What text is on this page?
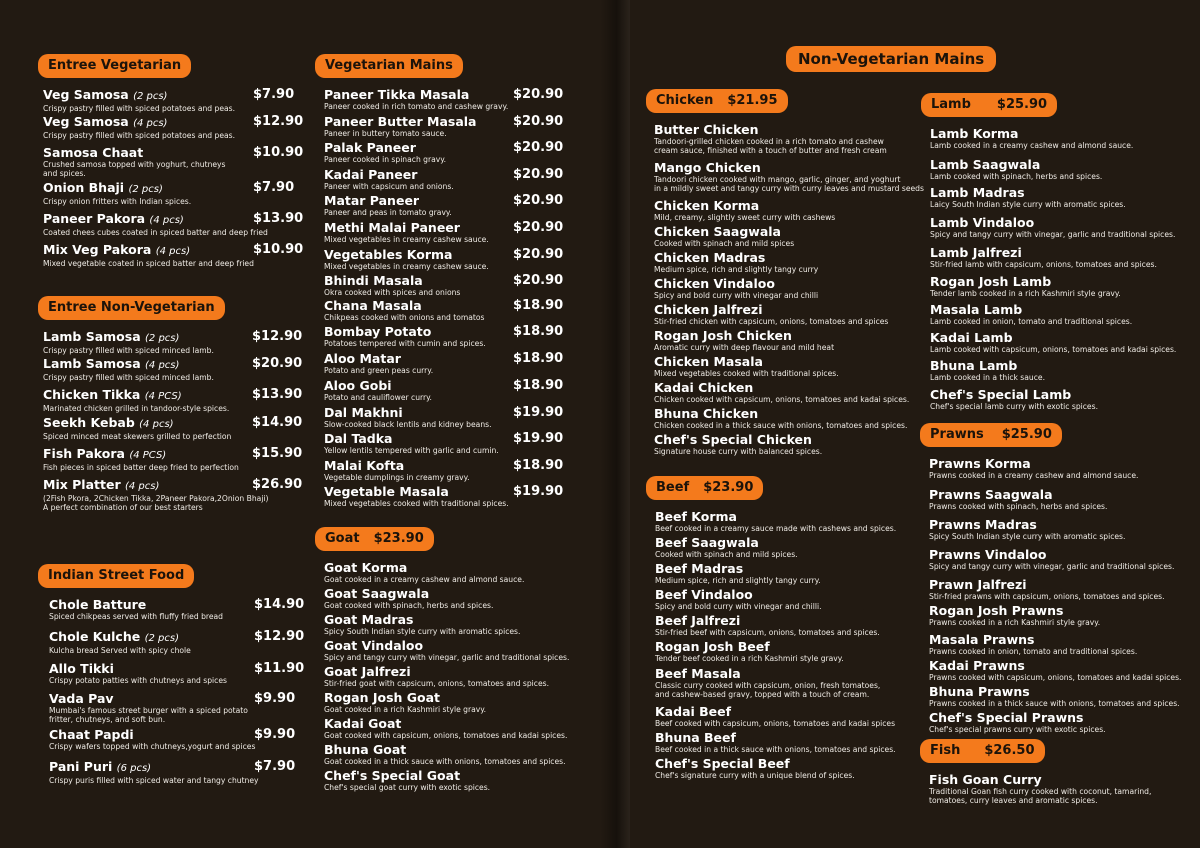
Entree Vegetarian
Veg Samosa (2 pcs)
Crispy pastry filled with spiced potatoes and peas.
$7.90
Veg Samosa (4 pcs)
Crispy pastry filled with spiced potatoes and peas.
$12.90
Samosa Chaat
Crushed samosa topped with yoghurt, chutneys
and spices.
$10.90
Onion Bhaji (2 pcs)
Crispy onion fritters with Indian spices.
$7.90
Paneer Pakora (4 pcs)
Coated chees cubes coated in spiced batter and deep fried
$13.90
Mix Veg Pakora (4 pcs)
Mixed vegetable coated in spiced batter and deep fried
$10.90
Entree Non-Vegetarian
Lamb Samosa (2 pcs)
Crispy pastry filled with spiced minced lamb.
$12.90
Lamb Samosa (4 pcs)
Crispy pastry filled with spiced minced lamb.
$20.90
Chicken Tikka (4 PCS)
Marinated chicken grilled in tandoor-style spices.
$13.90
Seekh Kebab (4 pcs)
Spiced minced meat skewers grilled to perfection
$14.90
Fish Pakora (4 PCS)
Fish pieces in spiced batter deep fried to perfection
$15.90
Mix Platter (4 pcs)
(2Fish Pkora, 2Chicken Tikka, 2Paneer Pakora,2Onion Bhaji)
A perfect combination of our best starters
$26.90
Indian Street Food
Chole Batture
Spiced chikpeas served with fluffy fried bread
$14.90
Chole Kulche (2 pcs)
Kulcha bread Served with spicy chole
$12.90
Allo Tikki
Crispy potato patties with chutneys and spices
$11.90
Vada Pav
Mumbai's famous street burger with a spiced potato
fritter, chutneys, and soft bun.
$9.90
Chaat Papdi
Crispy wafers topped with chutneys,yogurt and spices
$9.90
Pani Puri (6 pcs)
Crispy puris filled with spiced water and tangy chutney
$7.90
Vegetarian Mains
Paneer Tikka Masala
Paneer cooked in rich tomato and cashew gravy.
$20.90
Paneer Butter Masala
Paneer in buttery tomato sauce.
$20.90
Palak Paneer
Paneer cooked in spinach gravy.
$20.90
Kadai Paneer
Paneer with capsicum and onions.
$20.90
Matar Paneer
Paneer and peas in tomato gravy.
$20.90
Methi Malai Paneer
Mixed vegetables in creamy cashew sauce.
$20.90
Vegetables Korma
Mixed vegetables in creamy cashew sauce.
$20.90
Bhindi Masala
Okra cooked with spices and onions
$20.90
Chana Masala
Chikpeas cooked with onions and tomatos
$18.90
Bombay Potato
Potatoes tempered with cumin and spices.
$18.90
Aloo Matar
Potato and green peas curry.
$18.90
Aloo Gobi
Potato and cauliflower curry.
$18.90
Dal Makhni
Slow-cooked black lentils and kidney beans.
$19.90
Dal Tadka
Yellow lentils tempered with garlic and cumin.
$19.90
Malai Kofta
Vegetable dumplings in creamy gravy.
$18.90
Vegetable Masala
Mixed vegetables cooked with traditional spices.
$19.90
Goat $23.90
Goat Korma
Goat cooked in a creamy cashew and almond sauce.
Goat Saagwala
Goat cooked with spinach, herbs and spices.
Goat Madras
Spicy South Indian style curry with aromatic spices.
Goat Vindaloo
Spicy and tangy curry with vinegar, garlic and traditional spices.
Goat Jalfrezi
Stir-fried goat with capsicum, onions, tomatoes and spices.
Rogan Josh Goat
Goat cooked in a rich Kashmiri style gravy.
Kadai Goat
Goat cooked with capsicum, onions, tomatoes and kadai spices.
Bhuna Goat
Goat cooked in a thick sauce with onions, tomatoes and spices.
Chef's Special Goat
Chef's special goat curry with exotic spices.
Non-Vegetarian Mains
Chicken $21.95
Butter Chicken
Tandoori-grilled chicken cooked in a rich tomato and cashew
cream sauce, finished with a touch of butter and fresh cream
Mango Chicken
Tandoori chicken cooked with mango, garlic, ginger, and yoghurt
in a mildly sweet and tangy curry with curry leaves and mustard seeds
Chicken Korma
Mild, creamy, slightly sweet curry with cashews
Chicken Saagwala
Cooked with spinach and mild spices
Chicken Madras
Medium spice, rich and slightly tangy curry
Chicken Vindaloo
Spicy and bold curry with vinegar and chilli
Chicken Jalfrezi
Stir-fried chicken with capsicum, onions, tomatoes and spices
Rogan Josh Chicken
Aromatic curry with deep flavour and mild heat
Chicken Masala
Mixed vegetables cooked with traditional spices.
Kadai Chicken
Chicken cooked with capsicum, onions, tomatoes and kadai spices.
Bhuna Chicken
Chicken cooked in a thick sauce with onions, tomatoes and spices.
Chef's Special Chicken
Signature house curry with balanced spices.
Beef $23.90
Beef Korma
Beef cooked in a creamy sauce made with cashews and spices.
Beef Saagwala
Cooked with spinach and mild spices.
Beef Madras
Medium spice, rich and slightly tangy curry.
Beef Vindaloo
Spicy and bold curry with vinegar and chilli.
Beef Jalfrezi
Stir-fried beef with capsicum, onions, tomatoes and spices.
Rogan Josh Beef
Tender beef cooked in a rich Kashmiri style gravy.
Beef Masala
Classic curry cooked with capsicum, onion, fresh tomatoes,
and cashew-based gravy, topped with a touch of cream.
Kadai Beef
Beef cooked with capsicum, onions, tomatoes and kadai spices
Bhuna Beef
Beef cooked in a thick sauce with onions, tomatoes and spices.
Chef's Special Beef
Chef's signature curry with a unique blend of spices.
Lamb $25.90
Lamb Korma
Lamb cooked in a creamy cashew and almond sauce.
Lamb Saagwala
Lamb cooked with spinach, herbs and spices.
Lamb Madras
Laicy South Indian style curry with aromatic spices.
Lamb Vindaloo
Spicy and tangy curry with vinegar, garlic and traditional spices.
Lamb Jalfrezi
Stir-fried lamb with capsicum, onions, tomatoes and spices.
Rogan Josh Lamb
Tender lamb cooked in a rich Kashmiri style gravy.
Masala Lamb
Lamb cooked in onion, tomato and traditional spices.
Kadai Lamb
Lamb cooked with capsicum, onions, tomatoes and kadai spices.
Bhuna Lamb
Lamb cooked in a thick sauce.
Chef's Special Lamb
Chef's special lamb curry with exotic spices.
Prawns $25.90
Prawns Korma
Prawns cooked in a creamy cashew and almond sauce.
Prawns Saagwala
Prawns cooked with spinach, herbs and spices.
Prawns Madras
Spicy South Indian style curry with aromatic spices.
Prawns Vindaloo
Spicy and tangy curry with vinegar, garlic and traditional spices.
Prawn Jalfrezi
Stir-fried prawns with capsicum, onions, tomatoes and spices.
Rogan Josh Prawns
Prawns cooked in a rich Kashmiri style gravy.
Masala Prawns
Prawns cooked in onion, tomato and traditional spices.
Kadai Prawns
Prawns cooked with capsicum, onions, tomatoes and kadai spices.
Bhuna Prawns
Prawns cooked in a thick sauce with onions, tomatoes and spices.
Chef's Special Prawns
Chef's special prawns curry with exotic spices.
Fish $26.50
Fish Goan Curry
Traditional Goan fish curry cooked with coconut, tamarind,
tomatoes, curry leaves and aromatic spices.
